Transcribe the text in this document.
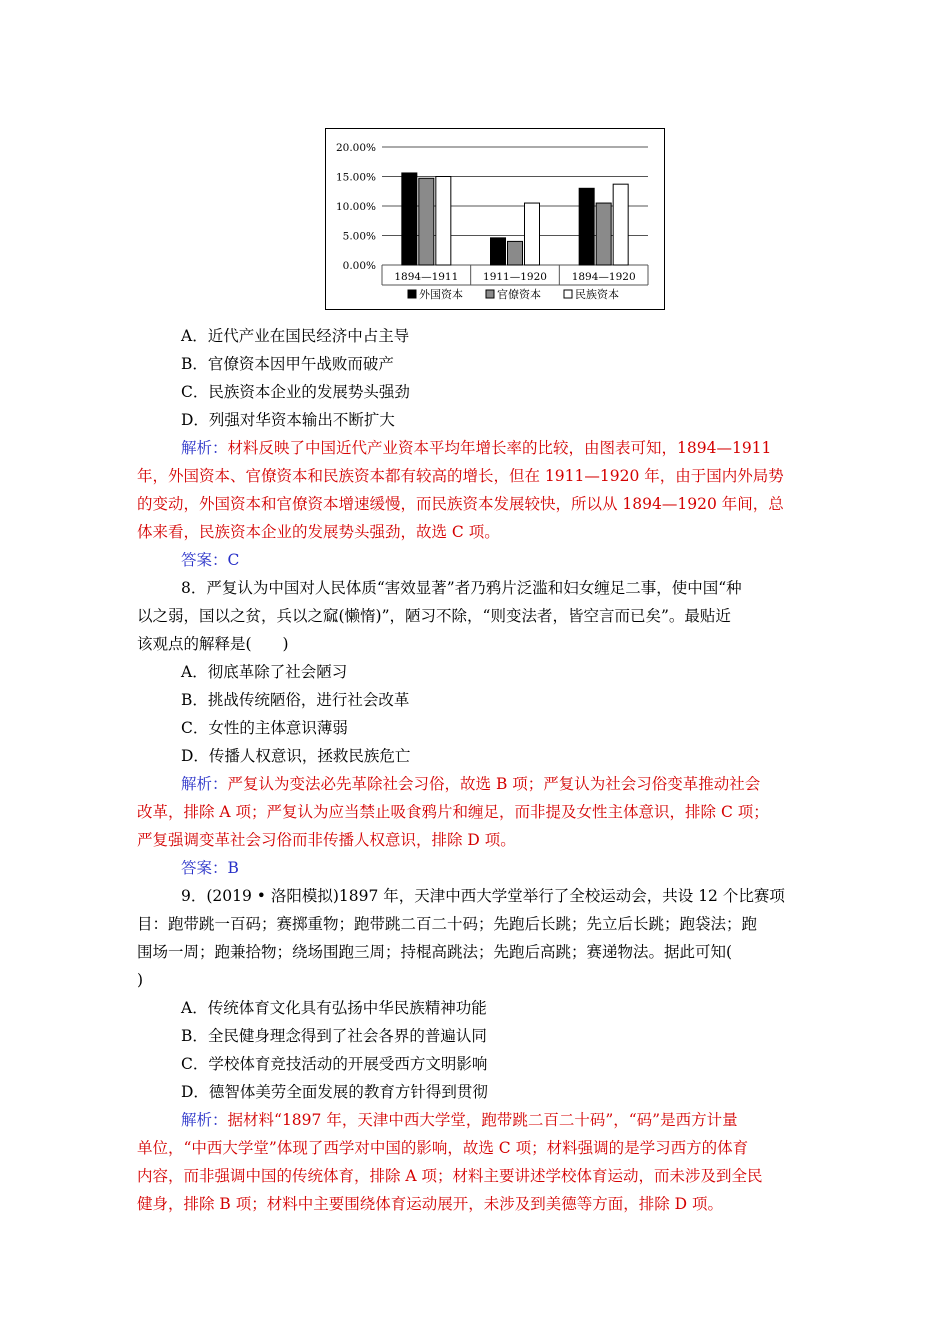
20.00%
15.00%
10.00%
5.00%
0.00%
1894—1911 1911—1920 1894—1920
外国资本	官僚资本	民族资本
A．近代产业在国民经济中占主导
B．官僚资本因甲午战败而破产
C．民族资本企业的发展势头强劲
D．列强对华资本输出不断扩大
解析：材料反映了中国近代产业资本平均年增长率的比较，由图表可知，1894—1911
年，外国资本、官僚资本和民族资本都有较高的增长，但在 1911—1920 年，由于国内外局势
的变动，外国资本和官僚资本增速缓慢，而民族资本发展较快，所以从 1894—1920 年间，总
体来看，民族资本企业的发展势头强劲，故选 C 项。
答案：C
8．严复认为中国对人民体质“害效显著”者乃鸦片泛滥和妇女缠足二事，使中国“种
以之弱，国以之贫，兵以之窳(懒惰)”，陋习不除，“则变法者，皆空言而已矣”。最贴近
该观点的解释是(　　)
A．彻底革除了社会陋习
B．挑战传统陋俗，进行社会改革
C．女性的主体意识薄弱
D．传播人权意识，拯救民族危亡
解析：严复认为变法必先革除社会习俗，故选 B 项；严复认为社会习俗变革推动社会
改革，排除 A 项；严复认为应当禁止吸食鸦片和缠足，而非提及女性主体意识，排除 C 项；
严复强调变革社会习俗而非传播人权意识，排除 D 项。
答案：B
9．(2019 • 洛阳模拟)1897 年，天津中西大学堂举行了全校运动会，共设 12 个比赛项
目：跑带跳一百码；赛掷重物；跑带跳二百二十码；先跑后长跳；先立后长跳；跑袋法；跑
围场一周；跑兼拾物；绕场围跑三周；持棍高跳法；先跑后高跳；赛递物法。据此可知(
)
A．传统体育文化具有弘扬中华民族精神功能
B．全民健身理念得到了社会各界的普遍认同
C．学校体育竞技活动的开展受西方文明影响
D．德智体美劳全面发展的教育方针得到贯彻
解析：据材料“1897 年，天津中西大学堂，跑带跳二百二十码”，“码”是西方计量
单位，“中西大学堂”体现了西学对中国的影响，故选 C 项；材料强调的是学习西方的体育
内容，而非强调中国的传统体育，排除 A 项；材料主要讲述学校体育运动，而未涉及到全民
健身，排除 B 项；材料中主要围绕体育运动展开，未涉及到美德等方面，排除 D 项。
